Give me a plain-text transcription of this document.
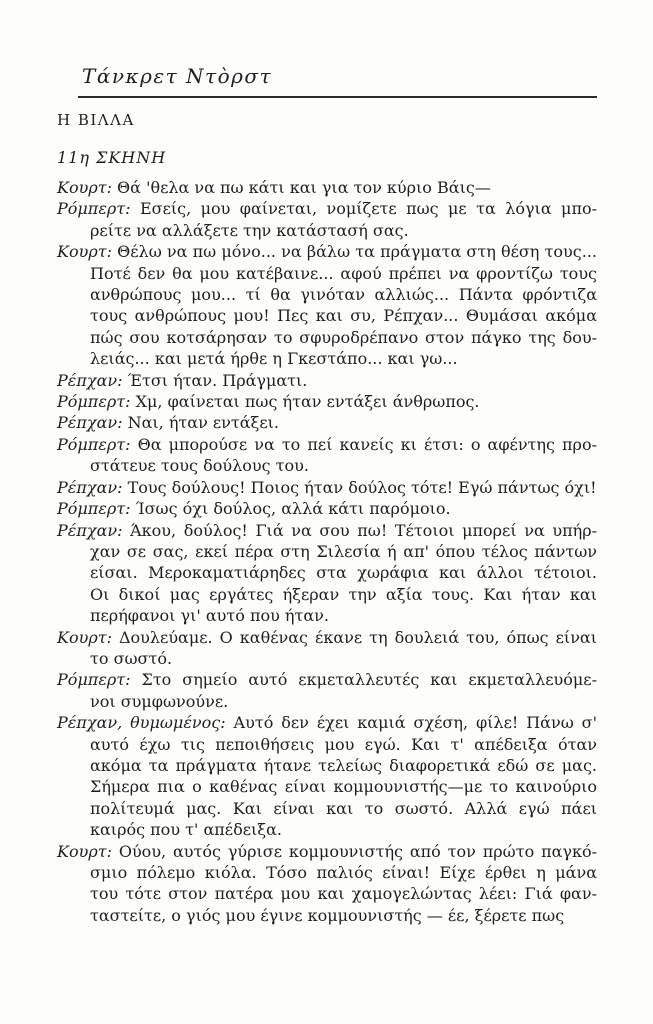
Τάνκρετ Ντòρστ
Η ΒΙΛΛΑ
11η ΣΚΗΝΗ
Κουρτ: Θά 'θελα να πω κάτι και για τον κύριο Βάις—
Ρόμπερτ: Εσείς, μου φαίνεται, νομίζετε πως με τα λόγια μπο-
ρείτε να αλλάξετε την κατάστασή σας.
Κουρτ: Θέλω να πω μόνο... να βάλω τα πράγματα στη θέση τους...
Ποτέ δεν θα μου κατέβαινε... αφού πρέπει να φροντίζω τους
ανθρώπους μου... τί θα γινόταν αλλιώς... Πάντα φρόντιζα
τους ανθρώπους μου! Πες και συ, Ρέπχαν... Θυμάσαι ακόμα
πώς σου κοτσάρησαν το σφυροδρέπανο στον πάγκο της δου-
λειάς... και μετά ήρθε η Γκεστάπο... και γω...
Ρέπχαν: Έτσι ήταν. Πράγματι.
Ρόμπερτ: Χμ, φαίνεται πως ήταν εντάξει άνθρωπος.
Ρέπχαν: Ναι, ήταν εντάξει.
Ρόμπερτ: Θα μπορούσε να το πεί κανείς κι έτσι: ο αφέντης προ-
στάτευε τους δούλους του.
Ρέπχαν: Τους δούλους! Ποιος ήταν δούλος τότε! Εγώ πάντως όχι!
Ρόμπερτ: Ίσως όχι δούλος, αλλά κάτι παρόμοιο.
Ρέπχαν: Άκου, δούλος! Γιά να σου πω! Τέτοιοι μπορεί να υπήρ-
χαν σε σας, εκεί πέρα στη Σιλεσία ή απ' όπου τέλος πάντων
είσαι. Μεροκαματιάρηδες στα χωράφια και άλλοι τέτοιοι.
Οι δικοί μας εργάτες ήξεραν την αξία τους. Και ήταν και
περήφανοι γι' αυτό που ήταν.
Κουρτ: Δουλεύαμε. Ο καθένας έκανε τη δουλειά του, όπως είναι
το σωστό.
Ρόμπερτ: Στο σημείο αυτό εκμεταλλευτές και εκμεταλλευόμε-
νοι συμφωνούνε.
Ρέπχαν, θυμωμένος: Αυτό δεν έχει καμιά σχέση, φίλε! Πάνω σ'
αυτό έχω τις πεποιθήσεις μου εγώ. Και τ' απέδειξα όταν
ακόμα τα πράγματα ήτανε τελείως διαφορετικά εδώ σε μας.
Σήμερα πια ο καθένας είναι κομμουνιστής—με το καινούριο
πολίτευμά μας. Και είναι και το σωστό. Αλλά εγώ πάει
καιρός που τ' απέδειξα.
Κουρτ: Ούου, αυτός γύρισε κομμουνιστής από τον πρώτο παγκό-
σμιο πόλεμο κιόλα. Τόσο παλιός είναι! Είχε έρθει η μάνα
του τότε στον πατέρα μου και χαμογελώντας λέει: Γιά φαν-
ταστείτε, ο γιός μου έγινε κομμουνιστής — έε, ξέρετε πως
